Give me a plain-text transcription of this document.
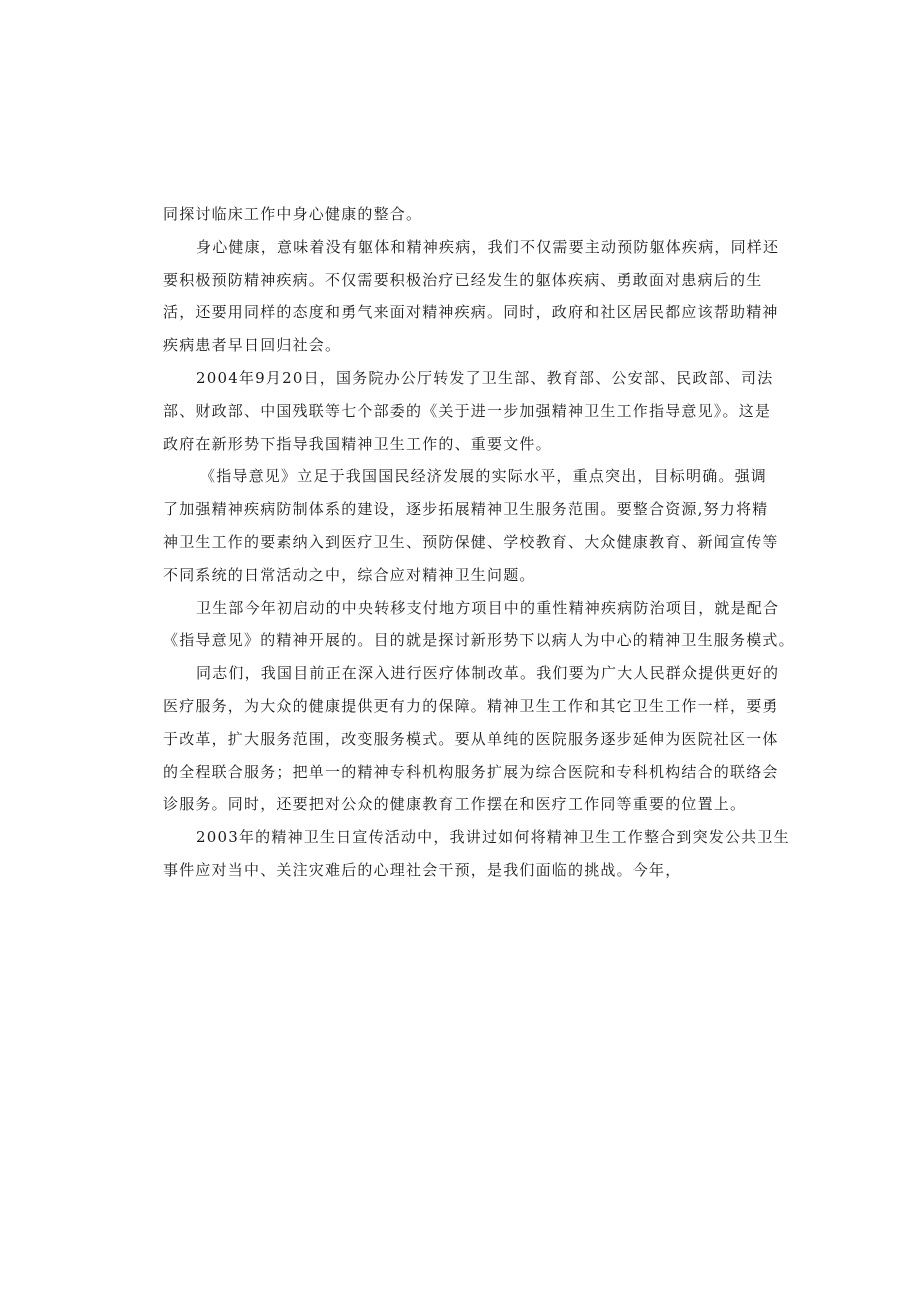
同探讨临床工作中身心健康的整合。
身心健康，意味着没有躯体和精神疾病，我们不仅需要主动预防躯体疾病，同样还
要积极预防精神疾病。不仅需要积极治疗已经发生的躯体疾病、勇敢面对患病后的生
活，还要用同样的态度和勇气来面对精神疾病。同时，政府和社区居民都应该帮助精神
疾病患者早日回归社会。
2004年9月20日，国务院办公厅转发了卫生部、教育部、公安部、民政部、司法
部、财政部、中国残联等七个部委的《关于进一步加强精神卫生工作指导意见》。这是
政府在新形势下指导我国精神卫生工作的、重要文件。
《指导意见》立足于我国国民经济发展的实际水平，重点突出，目标明确。强调
了加强精神疾病防制体系的建设，逐步拓展精神卫生服务范围。要整合资源,努力将精
神卫生工作的要素纳入到医疗卫生、预防保健、学校教育、大众健康教育、新闻宣传等
不同系统的日常活动之中，综合应对精神卫生问题。
卫生部今年初启动的中央转移支付地方项目中的重性精神疾病防治项目，就是配合
《指导意见》的精神开展的。目的就是探讨新形势下以病人为中心的精神卫生服务模式。
同志们，我国目前正在深入进行医疗体制改革。我们要为广大人民群众提供更好的
医疗服务，为大众的健康提供更有力的保障。精神卫生工作和其它卫生工作一样，要勇
于改革，扩大服务范围，改变服务模式。要从单纯的医院服务逐步延伸为医院社区一体
的全程联合服务；把单一的精神专科机构服务扩展为综合医院和专科机构结合的联络会
诊服务。同时，还要把对公众的健康教育工作摆在和医疗工作同等重要的位置上。
2003年的精神卫生日宣传活动中，我讲过如何将精神卫生工作整合到突发公共卫生
事件应对当中、关注灾难后的心理社会干预，是我们面临的挑战。今年，
